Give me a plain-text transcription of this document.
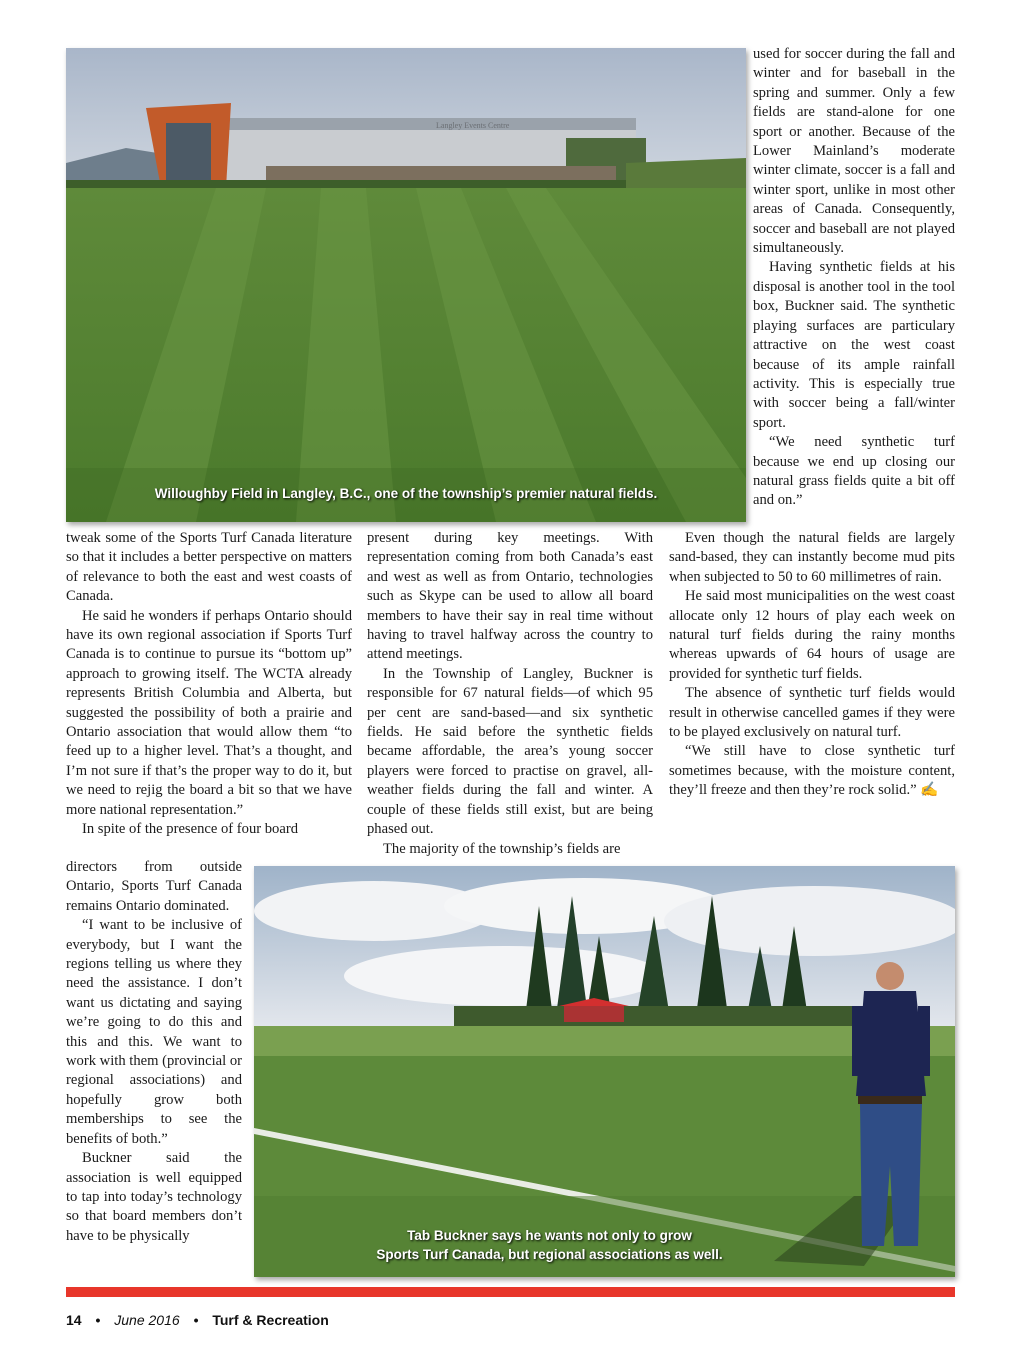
Langley Events Centre
Willoughby Field in Langley, B.C., one of the township’s premier natural fields.
Tab Buckner says he wants not only to grow
Sports Turf Canada, but regional associations as well.

tweak some of the Sports Turf Canada literature so that it includes a better perspective on matters of relevance to both the east and west coasts of Canada.

He said he wonders if perhaps Ontario should have its own regional association if Sports Turf Canada is to continue to pursue its “bottom up” approach to growing itself. The WCTA already represents British Columbia and Alberta, but suggested the possibility of both a prairie and Ontario association that would allow them “to feed up to a higher level. That’s a thought, and I’m not sure if that’s the proper way to do it, but we need to rejig the board a bit so that we have more national representation.”

In spite of the presence of four board

directors from outside Ontario, Sports Turf Canada remains Ontario dominated.

“I want to be inclusive of everybody, but I want the regions telling us where they need the assistance. I don’t want us dictating and saying we’re going to do this and this and this. We want to work with them (provincial or regional associations) and hopefully grow both memberships to see the benefits of both.”

Buckner said the association is well equipped to tap into today’s technology so that board members don’t have to be physically

present during key meetings. With representation coming from both Canada’s east and west as well as from Ontario, technologies such as Skype can be used to allow all board members to have their say in real time without having to travel halfway across the country to attend meetings.

In the Township of Langley, Buckner is responsible for 67 natural fields—of which 95 per cent are sand-based—and six synthetic fields. He said before the synthetic fields became affordable, the area’s young soccer players were forced to practise on gravel, all-weather fields during the fall and winter. A couple of these fields still exist, but are being phased out.

The majority of the township’s fields are

used for soccer during the fall and winter and for baseball in the spring and summer. Only a few fields are stand-alone for one sport or another. Because of the Lower Mainland’s moderate winter climate, soccer is a fall and winter sport, unlike in most other areas of Canada. Consequently, soccer and baseball are not played simultaneously.

Having synthetic fields at his disposal is another tool in the tool box, Buckner said. The synthetic playing surfaces are particulary attractive on the west coast because of its ample rainfall activity. This is especially true with soccer being a fall/winter sport.

“We need synthetic turf because we end up closing our natural grass fields quite a bit off and on.”

Even though the natural fields are largely sand-based, they can instantly become mud pits when subjected to 50 to 60 millimetres of rain.

He said most municipalities on the west coast allocate only 12 hours of play each week on natural turf fields during the rainy months whereas upwards of 64 hours of usage are provided for synthetic turf fields.

The absence of synthetic turf fields would result in otherwise cancelled games if they were to be played exclusively on natural turf.

“We still have to close synthetic turf sometimes because, with the moisture content, they’ll freeze and then they’re rock solid.” ✍

14 • June 2016 • Turf & Recreation
